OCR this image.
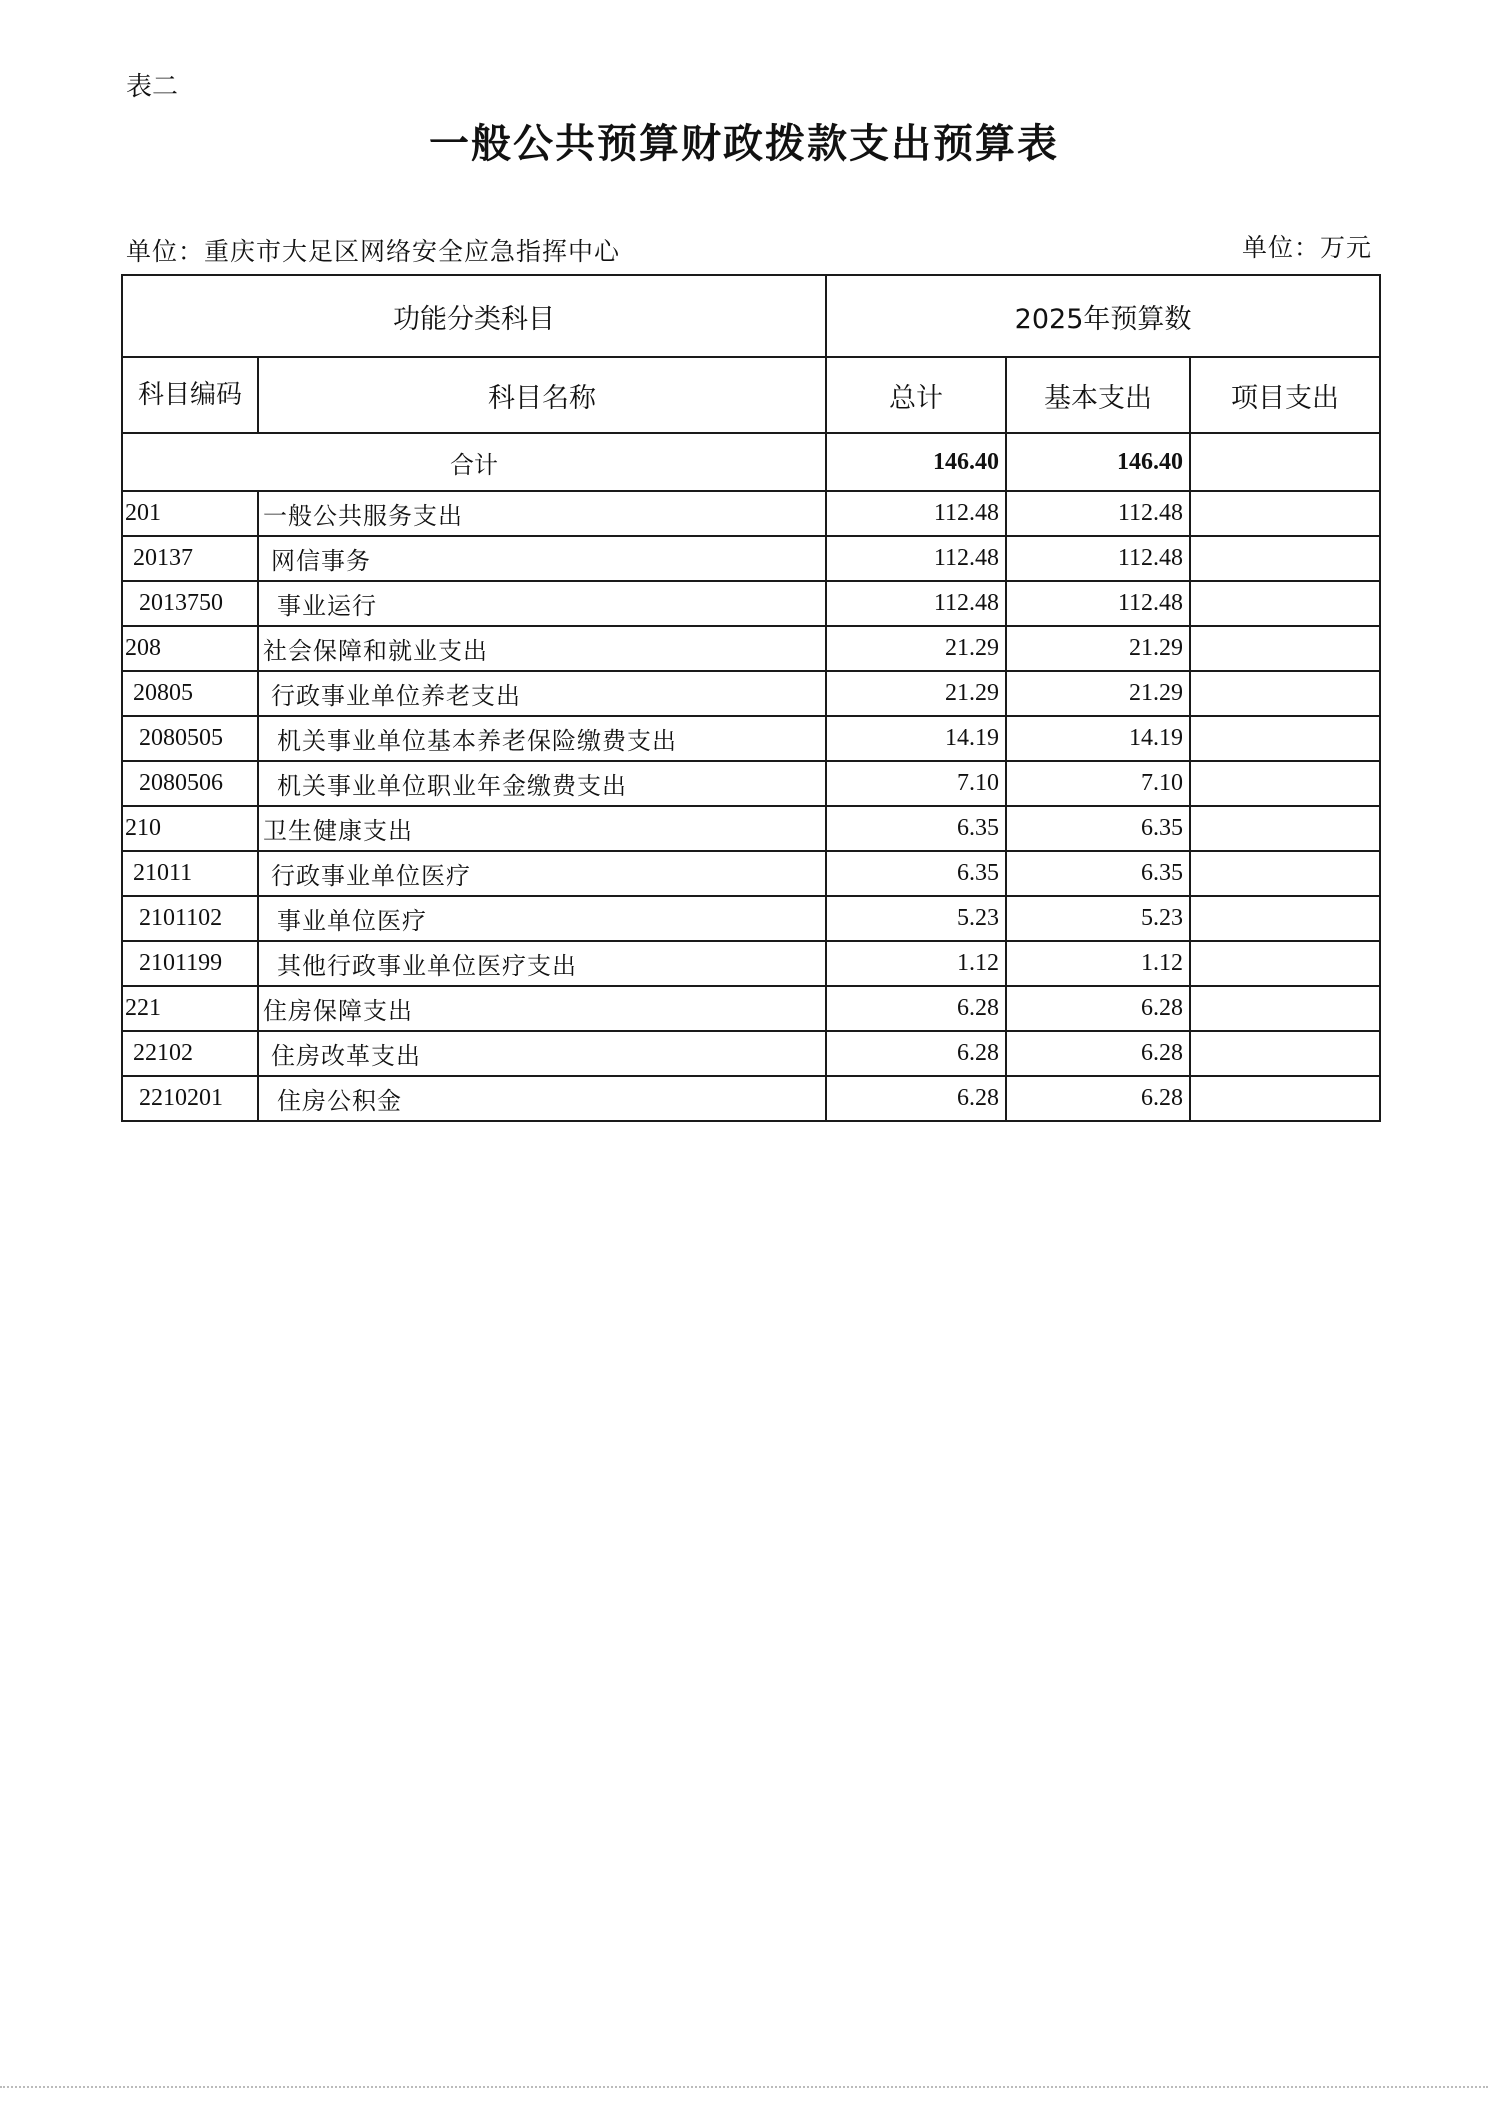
表二
一般公共预算财政拨款支出预算表
单位：重庆市大足区网络安全应急指挥中心	单位：万元
功能分类科目		2025年预算数		
科目编码	科目名称	总计	基本支出	项目支出
合计		146.40	146.40	
201	一般公共服务支出	112.48	112.48	
20137	网信事务	112.48	112.48	
2013750	事业运行	112.48	112.48	
208	社会保障和就业支出	21.29	21.29	
20805	行政事业单位养老支出	21.29	21.29	
2080505	机关事业单位基本养老保险缴费支出	14.19	14.19	
2080506	机关事业单位职业年金缴费支出	7.10	7.10	
210	卫生健康支出	6.35	6.35	
21011	行政事业单位医疗	6.35	6.35	
2101102	事业单位医疗	5.23	5.23	
2101199	其他行政事业单位医疗支出	1.12	1.12	
221	住房保障支出	6.28	6.28	
22102	住房改革支出	6.28	6.28	
2210201	住房公积金	6.28	6.28	
